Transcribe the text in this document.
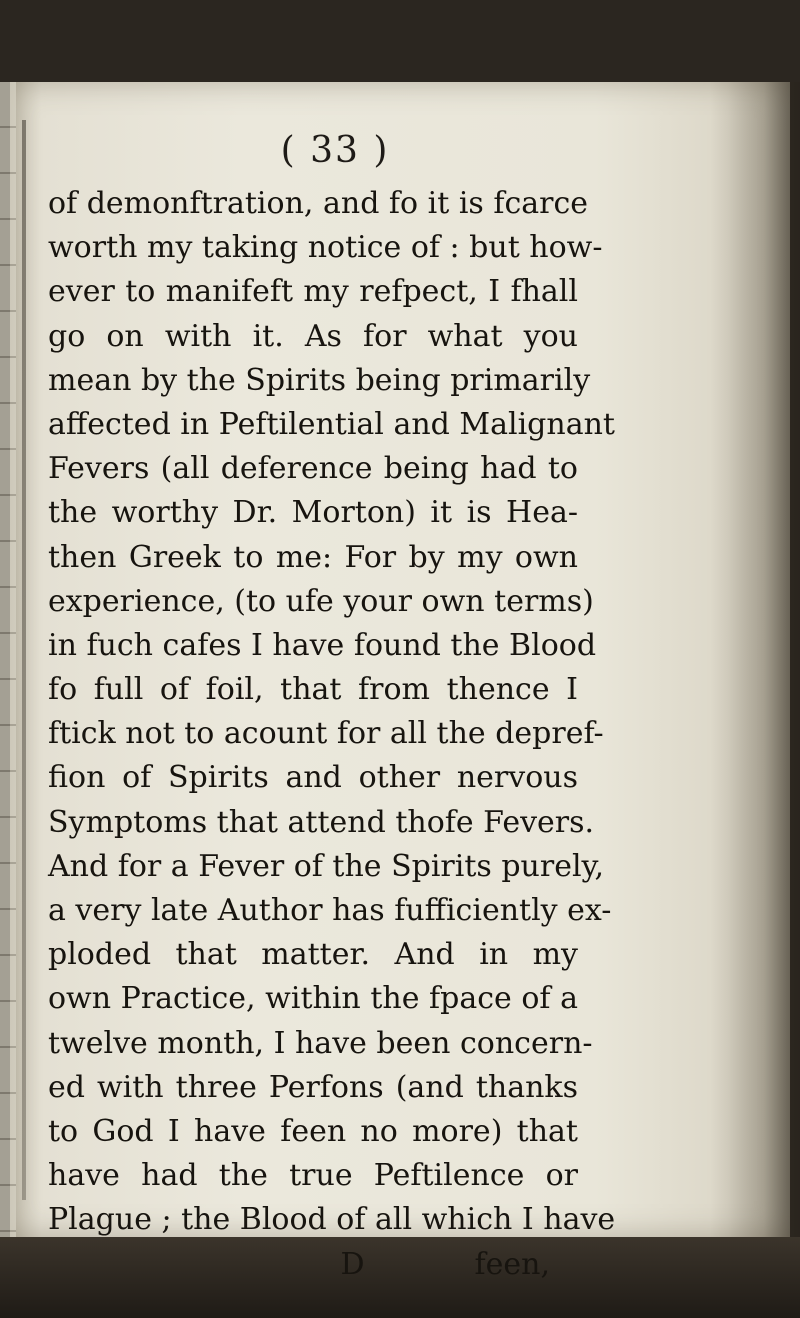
( 33 )
of demonftration, and fo it is fcarce
worth my taking notice of : but how-
ever to manifeft my refpect, I fhall
go on with it. As for what you
mean by the Spirits being primarily
affected in Peftilential and Malignant
Fevers (all deference being had to
the worthy Dr. Morton) it is Hea-
then Greek to me: For by my own
experience, (to ufe your own terms)
in fuch cafes I have found the Blood
fo full of foil, that from thence I
ftick not to acount for all the depref-
fion of Spirits and other nervous
Symptoms that attend thofe Fevers.
And for a Fever of the Spirits purely,
a very late Author has fufficiently ex-
ploded that matter. And in my
own Practice, within the fpace of a
twelve month, I have been concern-
ed with three Perfons (and thanks
to God I have feen no more) that
have had the true Peftilence or
Plague ; the Blood of all which I have
D	feen,
